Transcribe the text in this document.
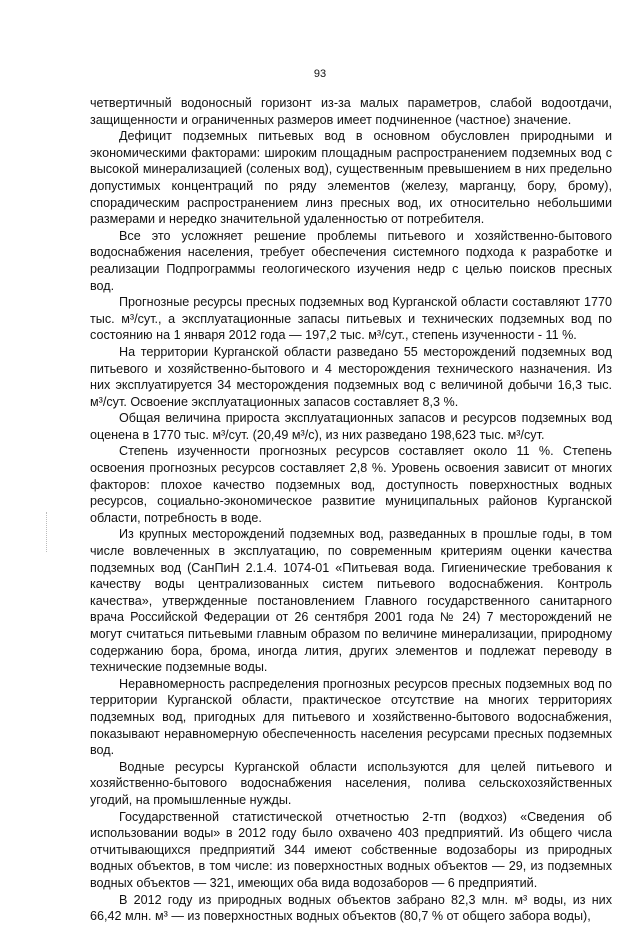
93

четвертичный водоносный горизонт из-за малых параметров, слабой водоотдачи, защищенности и ограниченных размеров имеет подчиненное (частное) значение.

Дефицит подземных питьевых вод в основном обусловлен природными и экономическими факторами: широким площадным распространением подземных вод с высокой минерализацией (соленых вод), существенным превышением в них предельно допустимых концентраций по ряду элементов (железу, марганцу, бору, брому), спорадическим распространением линз пресных вод, их относительно небольшими размерами и нередко значительной удаленностью от потребителя.

Все это усложняет решение проблемы питьевого и хозяйственно-бытового водоснабжения населения, требует обеспечения системного подхода к разработке и реализации Подпрограммы геологического изучения недр с целью поисков пресных вод.

Прогнозные ресурсы пресных подземных вод Курганской области составляют 1770 тыс. м³/сут., а эксплуатационные запасы питьевых и технических подземных вод по состоянию на 1 января 2012 года — 197,2 тыс. м³/сут., степень изученности - 11 %.

На территории Курганской области разведано 55 месторождений подземных вод питьевого и хозяйственно-бытового и 4 месторождения технического назначения. Из них эксплуатируется 34 месторождения подземных вод с величиной добычи 16,3 тыс. м³/сут. Освоение эксплуатационных запасов составляет 8,3 %.

Общая величина прироста эксплуатационных запасов и ресурсов подземных вод оценена в 1770 тыс. м³/сут. (20,49 м³/с), из них разведано 198,623 тыс. м³/сут.

Степень изученности прогнозных ресурсов составляет около 11 %. Степень освоения прогнозных ресурсов составляет 2,8 %. Уровень освоения зависит от многих факторов: плохое качество подземных вод, доступность поверхностных водных ресурсов, социально-экономическое развитие муниципальных районов Курганской области, потребность в воде.

Из крупных месторождений подземных вод, разведанных в прошлые годы, в том числе вовлеченных в эксплуатацию, по современным критериям оценки качества подземных вод (СанПиН 2.1.4. 1074-01 «Питьевая вода. Гигиенические требования к качеству воды централизованных систем питьевого водоснабжения. Контроль качества», утвержденные постановлением Главного государственного санитарного врача Российской Федерации от 26 сентября 2001 года № 24) 7 месторождений не могут считаться питьевыми главным образом по величине минерализации, природному содержанию бора, брома, иногда лития, других элементов и подлежат переводу в технические подземные воды.

Неравномерность распределения прогнозных ресурсов пресных подземных вод по территории Курганской области, практическое отсутствие на многих территориях подземных вод, пригодных для питьевого и хозяйственно-бытового водоснабжения, показывают неравномерную обеспеченность населения ресурсами пресных подземных вод.

Водные ресурсы Курганской области используются для целей питьевого и хозяйственно-бытового водоснабжения населения, полива сельскохозяйственных угодий, на промышленные нужды.

Государственной статистической отчетностью 2-тп (водхоз) «Сведения об использовании воды» в 2012 году было охвачено 403 предприятий. Из общего числа отчитывающихся предприятий 344 имеют собственные водозаборы из природных водных объектов, в том числе: из поверхностных водных объектов — 29, из подземных водных объектов — 321, имеющих оба вида водозаборов — 6 предприятий.

В 2012 году из природных водных объектов забрано 82,3 млн. м³ воды, из них 66,42 млн. м³ — из поверхностных водных объектов (80,7 % от общего забора воды),
